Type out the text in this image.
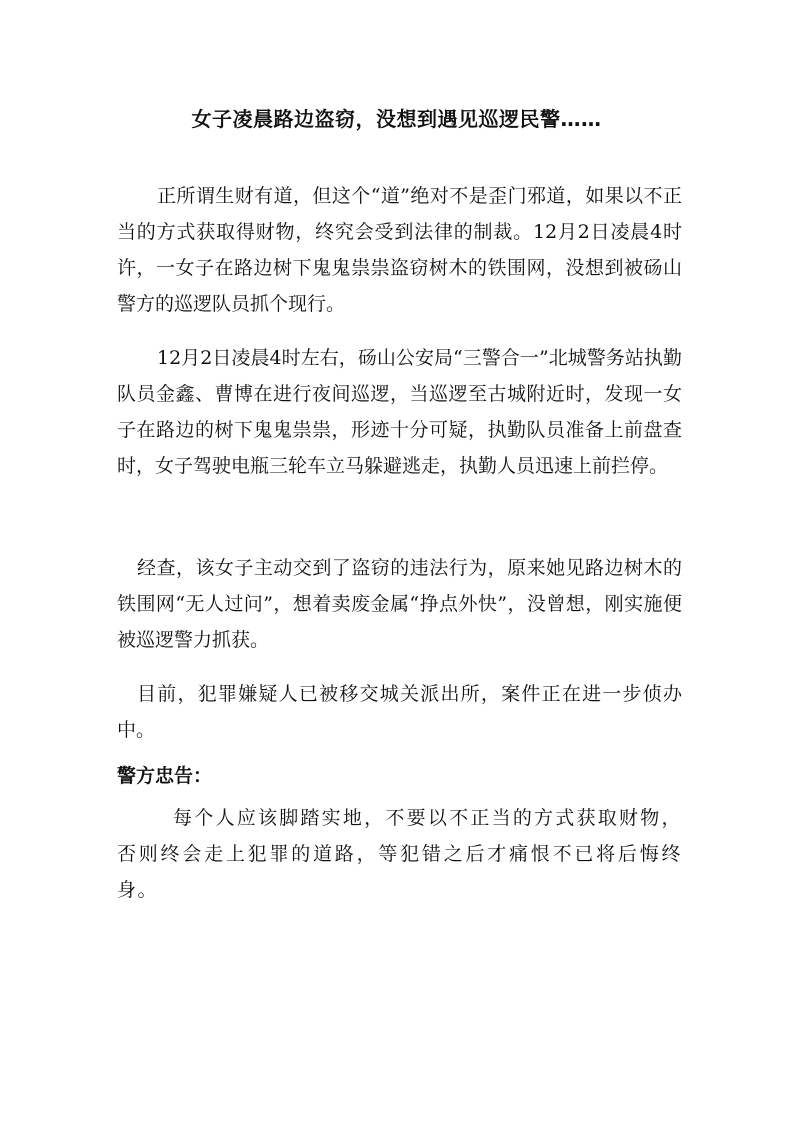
女子凌晨路边盗窃，没想到遇见巡逻民警……

正所谓生财有道，但这个“道”绝对不是歪门邪道，如果以不正当的方式获取得财物，终究会受到法律的制裁。12月2日凌晨4时许，一女子在路边树下鬼鬼祟祟盗窃树木的铁围网，没想到被砀山警方的巡逻队员抓个现行。

12月2日凌晨4时左右，砀山公安局“三警合一”北城警务站执勤队员金鑫、曹博在进行夜间巡逻，当巡逻至古城附近时，发现一女子在路边的树下鬼鬼祟祟，形迹十分可疑，执勤队员准备上前盘查时，女子驾驶电瓶三轮车立马躲避逃走，执勤人员迅速上前拦停。

经查，该女子主动交到了盗窃的违法行为，原来她见路边树木的铁围网“无人过问”，想着卖废金属“挣点外快”，没曾想，刚实施便被巡逻警力抓获。

目前，犯罪嫌疑人已被移交城关派出所，案件正在进一步侦办中。

警方忠告：

每个人应该脚踏实地，不要以不正当的方式获取财物，否则终会走上犯罪的道路，等犯错之后才痛恨不已将后悔终身。
